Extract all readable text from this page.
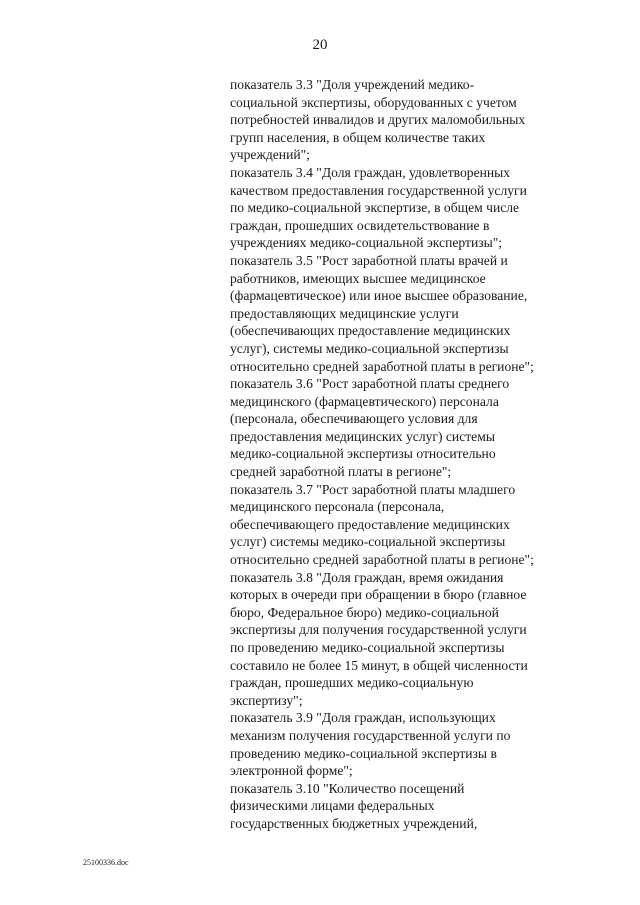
20
показатель 3.3 "Доля учреждений медико-
социальной экспертизы, оборудованных с учетом
потребностей инвалидов и других маломобильных
групп населения, в общем количестве таких
учреждений";
показатель 3.4 "Доля граждан, удовлетворенных
качеством предоставления государственной услуги
по медико-социальной экспертизе, в общем числе
граждан, прошедших освидетельствование в
учреждениях медико-социальной экспертизы";
показатель 3.5 "Рост заработной платы врачей и
работников, имеющих высшее медицинское
(фармацевтическое) или иное высшее образование,
предоставляющих медицинские услуги
(обеспечивающих предоставление медицинских
услуг), системы медико-социальной экспертизы
относительно средней заработной платы в регионе";
показатель 3.6 "Рост заработной платы среднего
медицинского (фармацевтического) персонала
(персонала, обеспечивающего условия для
предоставления медицинских услуг) системы
медико-социальной экспертизы относительно
средней заработной платы в регионе";
показатель 3.7 "Рост заработной платы младшего
медицинского персонала (персонала,
обеспечивающего предоставление медицинских
услуг) системы медико-социальной экспертизы
относительно средней заработной платы в регионе";
показатель 3.8 "Доля граждан, время ожидания
которых в очереди при обращении в бюро (главное
бюро, Федеральное бюро) медико-социальной
экспертизы для получения государственной услуги
по проведению медико-социальной экспертизы
составило не более 15 минут, в общей численности
граждан, прошедших медико-социальную
экспертизу";
показатель 3.9 "Доля граждан, использующих
механизм получения государственной услуги по
проведению медико-социальной экспертизы в
электронной форме";
показатель 3.10 "Количество посещений
физическими лицами федеральных
государственных бюджетных учреждений,
25100336.doc
